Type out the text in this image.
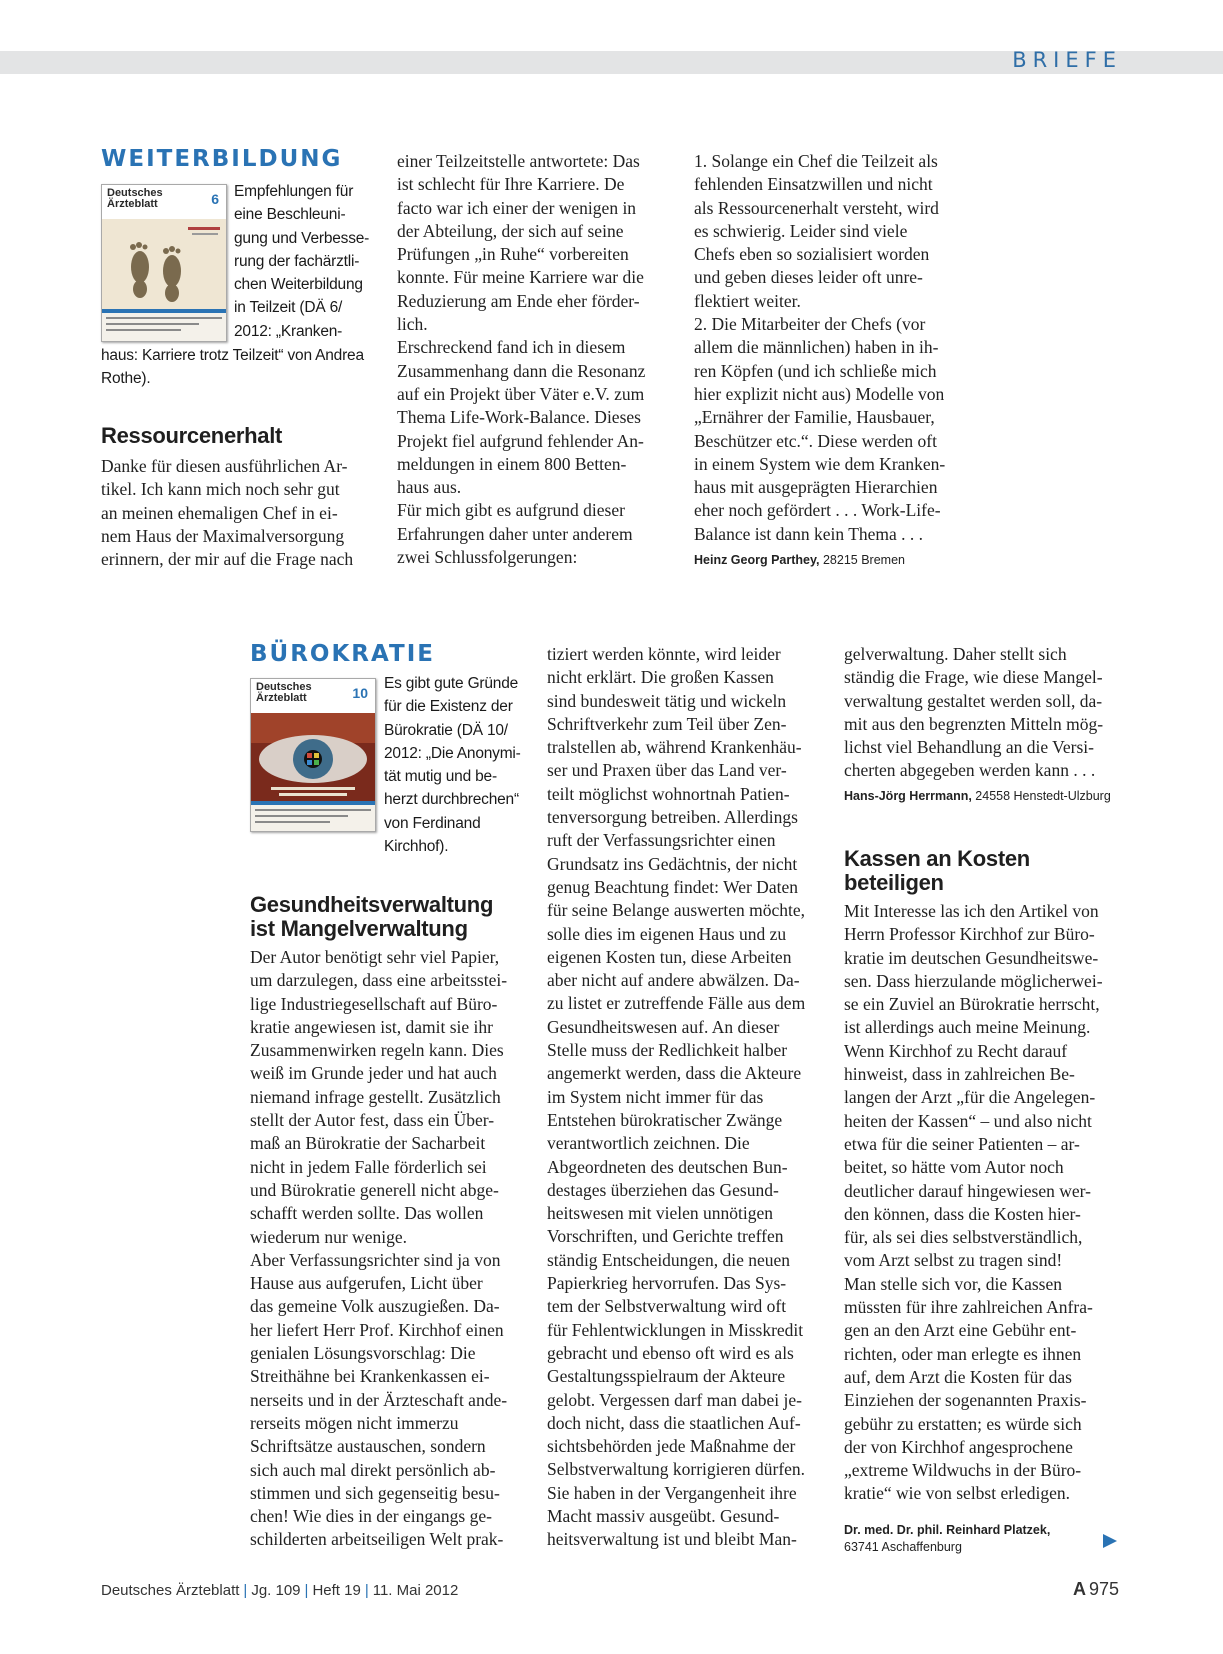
BRIEFE
WEITERBILDUNG
Deutsches
Ärzteblatt	6 Empfehlungen für
eine Beschleuni-
gung und Verbesse-
rung der fachärztli-
chen Weiterbildung
in Teilzeit (DÄ 6/
2012: „Kranken-

haus: Karriere trotz Teilzeit“ von Andrea
Rothe).

Ressourcenerhalt

Danke für diesen ausführlichen Ar-
tikel. Ich kann mich noch sehr gut
an meinen ehemaligen Chef in ei-
nem Haus der Maximalversorgung
erinnern, der mir auf die Frage nach

einer Teilzeitstelle antwortete: Das
ist schlecht für Ihre Karriere. De
facto war ich einer der wenigen in
der Abteilung, der sich auf seine
Prüfungen „in Ruhe“ vorbereiten
konnte. Für meine Karriere war die
Reduzierung am Ende eher förder-
lich.
Erschreckend fand ich in diesem
Zusammenhang dann die Resonanz
auf ein Projekt über Väter e.V. zum
Thema Life-Work-Balance. Dieses
Projekt fiel aufgrund fehlender An-
meldungen in einem 800 Betten-
haus aus.
Für mich gibt es aufgrund dieser
Erfahrungen daher unter anderem
zwei Schlussfolgerungen:

1. Solange ein Chef die Teilzeit als
fehlenden Einsatzwillen und nicht
als Ressourcenerhalt versteht, wird
es schwierig. Leider sind viele
Chefs eben so sozialisiert worden
und geben dieses leider oft unre-
flektiert weiter.
2. Die Mitarbeiter der Chefs (vor
allem die männlichen) haben in ih-
ren Köpfen (und ich schließe mich
hier explizit nicht aus) Modelle von
„Ernährer der Familie, Hausbauer,
Beschützer etc.“. Diese werden oft
in einem System wie dem Kranken-
haus mit ausgeprägten Hierarchien
eher noch gefördert . . . Work-Life-
Balance ist dann kein Thema . . .

Heinz Georg Parthey, 28215 Bremen

BÜROKRATIE
Deutsches
Ärzteblatt	10

Es gibt gute Gründe
für die Existenz der
Bürokratie (DÄ 10/
2012: „Die Anonymi-
tät mutig und be-
herzt durchbrechen“
von Ferdinand
Kirchhof).

Gesundheitsverwaltung
ist Mangelverwaltung

Der Autor benötigt sehr viel Papier,
um darzulegen, dass eine arbeitsstei-
lige Industriegesellschaft auf Büro-
kratie angewiesen ist, damit sie ihr
Zusammenwirken regeln kann. Dies
weiß im Grunde jeder und hat auch
niemand infrage gestellt. Zusätzlich
stellt der Autor fest, dass ein Über-
maß an Bürokratie der Sacharbeit
nicht in jedem Falle förderlich sei
und Bürokratie generell nicht abge-
schafft werden sollte. Das wollen
wiederum nur wenige.
Aber Verfassungsrichter sind ja von
Hause aus aufgerufen, Licht über
das gemeine Volk auszugießen. Da-
her liefert Herr Prof. Kirchhof einen
genialen Lösungsvorschlag: Die
Streithähne bei Krankenkassen ei-
nerseits und in der Ärzteschaft ande-
rerseits mögen nicht immerzu
Schriftsätze austauschen, sondern
sich auch mal direkt persönlich ab-
stimmen und sich gegenseitig besu-
chen! Wie dies in der eingangs ge-
schilderten arbeitseiligen Welt prak-

tiziert werden könnte, wird leider
nicht erklärt. Die großen Kassen
sind bundesweit tätig und wickeln
Schriftverkehr zum Teil über Zen-
tralstellen ab, während Krankenhäu-
ser und Praxen über das Land ver-
teilt möglichst wohnortnah Patien-
tenversorgung betreiben. Allerdings
ruft der Verfassungsrichter einen
Grundsatz ins Gedächtnis, der nicht
genug Beachtung findet: Wer Daten
für seine Belange auswerten möchte,
solle dies im eigenen Haus und zu
eigenen Kosten tun, diese Arbeiten
aber nicht auf andere abwälzen. Da-
zu listet er zutreffende Fälle aus dem
Gesundheitswesen auf. An dieser
Stelle muss der Redlichkeit halber
angemerkt werden, dass die Akteure
im System nicht immer für das
Entstehen bürokratischer Zwänge
verantwortlich zeichnen. Die
Abgeordneten des deutschen Bun-
destages überziehen das Gesund-
heitswesen mit vielen unnötigen
Vorschriften, und Gerichte treffen
ständig Entscheidungen, die neuen
Papierkrieg hervorrufen. Das Sys-
tem der Selbstverwaltung wird oft
für Fehlentwicklungen in Misskredit
gebracht und ebenso oft wird es als
Gestaltungsspielraum der Akteure
gelobt. Vergessen darf man dabei je-
doch nicht, dass die staatlichen Auf-
sichtsbehörden jede Maßnahme der
Selbstverwaltung korrigieren dürfen.
Sie haben in der Vergangenheit ihre
Macht massiv ausgeübt. Gesund-
heitsverwaltung ist und bleibt Man-

gelverwaltung. Daher stellt sich
ständig die Frage, wie diese Mangel-
verwaltung gestaltet werden soll, da-
mit aus den begrenzten Mitteln mög-
lichst viel Behandlung an die Versi-
cherten abgegeben werden kann . . .

Hans-Jörg Herrmann, 24558 Henstedt-Ulzburg

Kassen an Kosten
beteiligen

Mit Interesse las ich den Artikel von
Herrn Professor Kirchhof zur Büro-
kratie im deutschen Gesundheitswe-
sen. Dass hierzulande möglicherwei-
se ein Zuviel an Bürokratie herrscht,
ist allerdings auch meine Meinung.
Wenn Kirchhof zu Recht darauf
hinweist, dass in zahlreichen Be-
langen der Arzt „für die Angelegen-
heiten der Kassen“ – und also nicht
etwa für die seiner Patienten – ar-
beitet, so hätte vom Autor noch
deutlicher darauf hingewiesen wer-
den können, dass die Kosten hier-
für, als sei dies selbstverständlich,
vom Arzt selbst zu tragen sind!
Man stelle sich vor, die Kassen
müssten für ihre zahlreichen Anfra-
gen an den Arzt eine Gebühr ent-
richten, oder man erlegte es ihnen
auf, dem Arzt die Kosten für das
Einziehen der sogenannten Praxis-
gebühr zu erstatten; es würde sich
der von Kirchhof angesprochene
„extreme Wildwuchs in der Büro-
kratie“ wie von selbst erledigen.

Dr. med. Dr. phil. Reinhard Platzek,
63741 Aschaffenburg

Deutsches Ärzteblatt | Jg. 109 | Heft 19 | 11. Mai 2012	A 975
